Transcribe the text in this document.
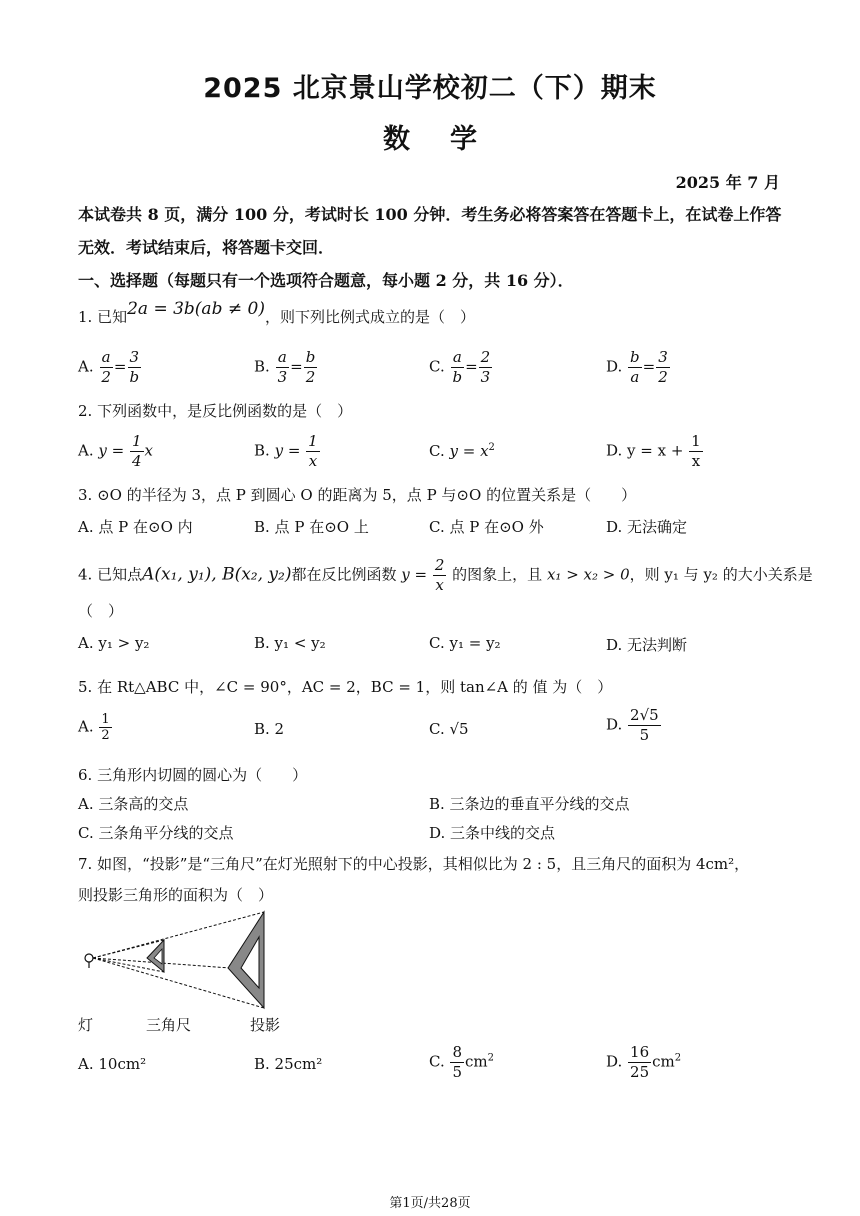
2025 北京景山学校初二（下）期末
数学
2025 年 7 月
本试卷共 8 页，满分 100 分，考试时长 100 分钟．考生务必将答案答在答题卡上，在试卷上作答无效．考试结束后，将答题卡交回．
一、选择题（每题只有一个选项符合题意，每小题 2 分，共 16 分）．
1. 已知2a = 3b(ab ≠ 0)，则下列比例式成立的是（　）
A. $\frac{a}{2} = \frac{3}{b}$	B. $\frac{a}{3} = \frac{b}{2}$	C. $\frac{a}{b} = \frac{2}{3}$	D. $\frac{b}{a} = \frac{3}{2}$
2. 下列函数中，是反比例函数的是（　）
A. $y = \frac{1}{4}$ x	B. $y = \frac{1}{x}$	C. $y = x^2$	D. $y = x + \frac{1}{x}$
3. ⊙O 的半径为 3，点 P 到圆心 O 的距离为 5，点 P 与⊙O 的位置关系是（　　）
A. 点 P 在⊙O 内	B. 点 P 在⊙O 上	C. 点 P 在⊙O 外	D. 无法确定
4. 已知点A(x₁, y₁), B(x₂, y₂)都在反比例函数 $y = \frac{2}{x}$ 的图象上，且 x₁ > x₂ > 0，则 y₁ 与 y₂ 的大小关系是
（　）
A. y₁ > y₂	B. y₁ < y₂	C. y₁ = y₂	D. 无法判断
5. 在 Rt△ABC 中，∠C = 90°，AC = 2，BC = 1，则 tan∠A 的 值 为（　）
A. $\frac{1}{2}$	B. 2	C. √5	D. $\frac{2√5}{5}$
6. 三角形内切圆的圆心为（　　）
A. 三条高的交点	B. 三条边的垂直平分线的交点
C. 三条角平分线的交点	D. 三条中线的交点
7. 如图，“投影”是“三角尺”在灯光照射下的中心投影，其相似比为 2 : 5，且三角尺的面积为 4cm²，
则投影三角形的面积为（　）
灯	三角尺	投影
A. 10cm²	B. 25cm²	C. $\frac{8}{5} cm^2$	D. $\frac{16}{25} cm^2$
第1页/共28页
